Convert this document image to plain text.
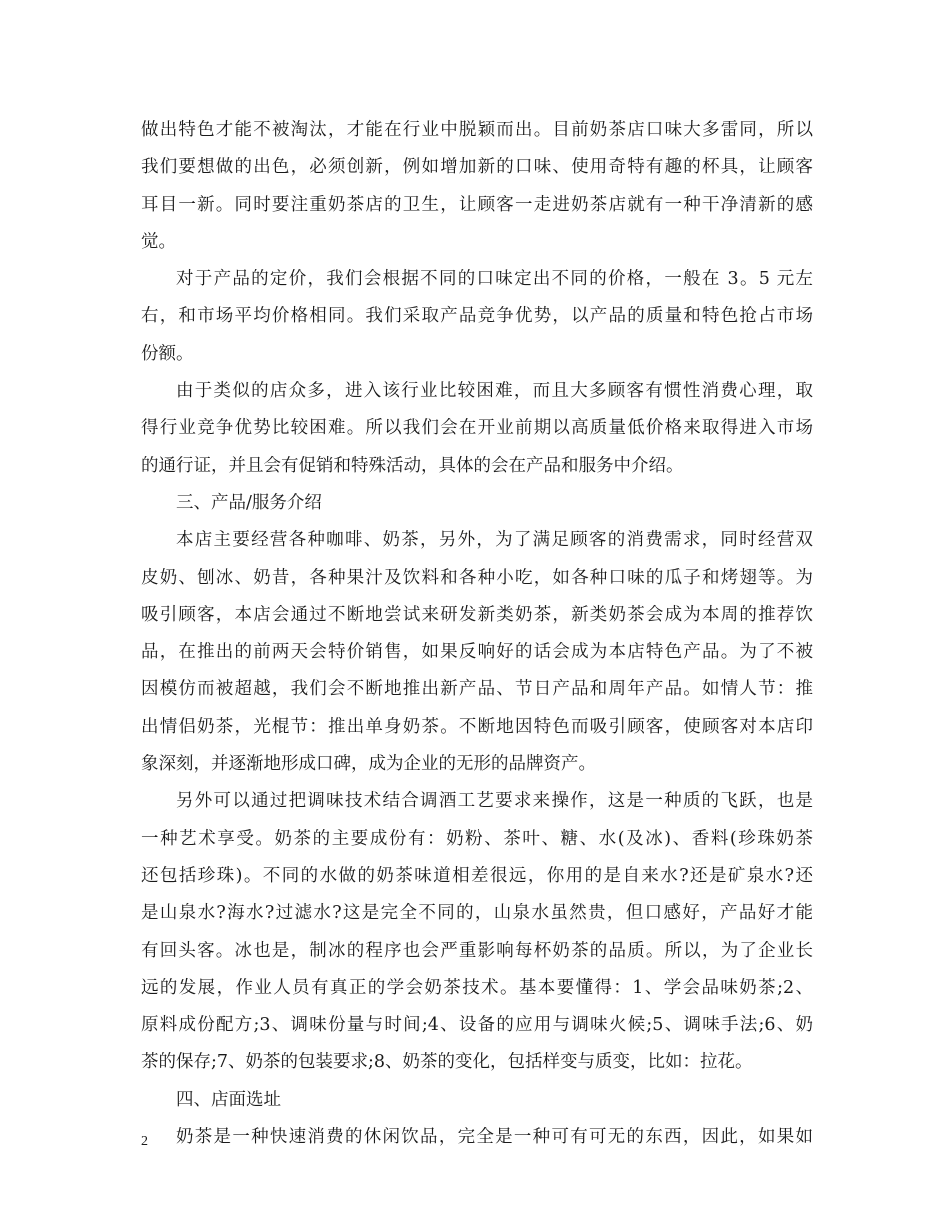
做出特色才能不被淘汰，才能在行业中脱颖而出。目前奶茶店口味大多雷同，所以
我们要想做的出色，必须创新，例如增加新的口味、使用奇特有趣的杯具，让顾客
耳目一新。同时要注重奶茶店的卫生，让顾客一走进奶茶店就有一种干净清新的感
觉。
对于产品的定价，我们会根据不同的口味定出不同的价格，一般在 3。5 元左
右，和市场平均价格相同。我们采取产品竞争优势，以产品的质量和特色抢占市场
份额。
由于类似的店众多，进入该行业比较困难，而且大多顾客有惯性消费心理，取
得行业竞争优势比较困难。所以我们会在开业前期以高质量低价格来取得进入市场
的通行证，并且会有促销和特殊活动，具体的会在产品和服务中介绍。
三、产品/服务介绍
本店主要经营各种咖啡、奶茶，另外，为了满足顾客的消费需求，同时经营双
皮奶、刨冰、奶昔，各种果汁及饮料和各种小吃，如各种口味的瓜子和烤翅等。为
吸引顾客，本店会通过不断地尝试来研发新类奶茶，新类奶茶会成为本周的推荐饮
品，在推出的前两天会特价销售，如果反响好的话会成为本店特色产品。为了不被
因模仿而被超越，我们会不断地推出新产品、节日产品和周年产品。如情人节：推
出情侣奶茶，光棍节：推出单身奶茶。不断地因特色而吸引顾客，使顾客对本店印
象深刻，并逐渐地形成口碑，成为企业的无形的品牌资产。
另外可以通过把调味技术结合调酒工艺要求来操作，这是一种质的飞跃，也是
一种艺术享受。奶茶的主要成份有：奶粉、茶叶、糖、水(及冰)、香料(珍珠奶茶
还包括珍珠)。不同的水做的奶茶味道相差很远，你用的是自来水?还是矿泉水?还
是山泉水?海水?过滤水?这是完全不同的，山泉水虽然贵，但口感好，产品好才能
有回头客。冰也是，制冰的程序也会严重影响每杯奶茶的品质。所以，为了企业长
远的发展，作业人员有真正的学会奶茶技术。基本要懂得：1、学会品味奶茶;2、
原料成份配方;3、调味份量与时间;4、设备的应用与调味火候;5、调味手法;6、奶
茶的保存;7、奶茶的包装要求;8、奶茶的变化，包括样变与质变，比如：拉花。
四、店面选址
奶茶是一种快速消费的休闲饮品，完全是一种可有可无的东西，因此，如果如
2
